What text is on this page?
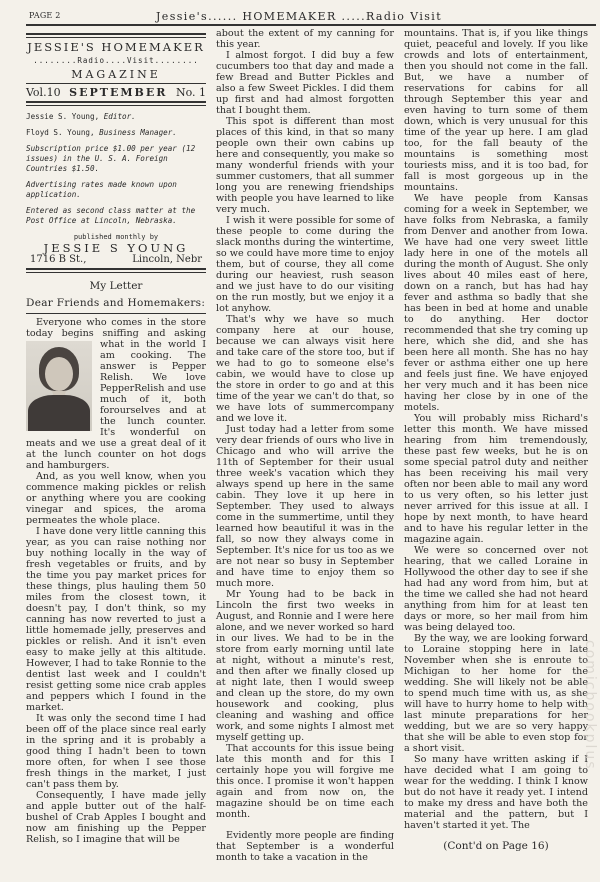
PAGE 2	Jessie's...... HOMEMAKER .....Radio Visit
JESSIE'S HOMEMAKER
........Radio....Visit........
MAGAZINE
Vol.10 SEPTEMBER No. 1

Jessie S. Young, Editor.

Floyd S. Young, Business Manager.

Subscription price $1.00 per year (12 issues) in the U. S. A. Foreign Countries $1.50.

Advertising rates made known upon application.

Entered as second class matter at the Post Office at Lincoln, Nebraska.

published monthly by
JESSIE S YOUNG
1716 B St.,	Lincoln, Nebr
My Letter
Dear Friends and Homemakers:

Everyone who comes in the store today begins sniffing and asking
what in the world I am cooking. The answer is Pepper Relish. We love PepperRelish and use much of it, both forourselves and at the lunch counter. It's wonderful on meats and we use a great deal of it at the lunch counter on hot dogs and hamburgers.

And, as you well know, when you commence making pickles or relish or anything where you are cooking vinegar and spices, the aroma permeates the whole place.

I have done very little canning this year, as you can raise nothing nor buy nothing locally in the way of fresh vegetables or fruits, and by the time you pay market prices for these things, plus hauling them 50 miles from the closest town, it doesn't pay, I don't think, so my canning has now reverted to just a little homemade jelly, preserves and pickles or relish. And it isn't even easy to make jelly at this altitude. However, I had to take Ronnie to the dentist last week and I couldn't resist getting some nice crab apples and peppers which I found in the market.

It was only the second time I had been off of the place since real early in the spring and it is probably a good thing I hadn't been to town more often, for when I see those fresh things in the market, I just can't pass them by.

Consequently, I have made jelly and apple butter out of the half-bushel of Crab Apples I bought and now am finishing up the Pepper Relish, so I imagine that will be

about the extent of my canning for this year.

I almost forgot. I did buy a few cucumbers too that day and made a few Bread and Butter Pickles and also a few Sweet Pickles. I did them up first and had almost forgotten that I bought them.

This spot is different than most places of this kind, in that so many people own their own cabins up here and consequently, you make so many wonderful friends with your summer customers, that all summer long you are renewing friendships with people you have learned to like very much.

I wish it were possible for some of these people to come during the slack months during the wintertime, so we could have more time to enjoy them, but of course, they all come during our heaviest, rush season and we just have to do our visiting on the run mostly, but we enjoy it a lot anyhow.

That's why we have so much company here at our house, because we can always visit here and take care of the store too, but if we had to go to someone else's cabin, we would have to close up the store in order to go and at this time of the year we can't do that, so we have lots of summercompany and we love it.

Just today had a letter from some very dear friends of ours who live in Chicago and who will arrive the 11th of September for their usual three week's vacation which they always spend up here in the same cabin. They love it up here in September. They used to always come in the summertime, until they learned how beautiful it was in the fall, so now they always come in September. It's nice for us too as we are not near so busy in September and have time to enjoy them so much more.

Mr Young had to be back in Lincoln the first two weeks in August, and Ronnie and I were here alone, and we never worked so hard in our lives. We had to be in the store from early morning until late at night, without a minute's rest, and then after we finally closed up at night late, then I would sweep and clean up the store, do my own housework and cooking, plus cleaning and washing and office work, and some nights I almost met myself getting up.

That accounts for this issue being late this month and for this I certainly hope you will forgive me this once. I promise it won't happen again and from now on, the magazine should be on time each month.

Evidently more people are finding that September is a wonderful month to take a vacation in the

mountains. That is, if you like things quiet, peaceful and lovely. If you like crowds and lots of entertainment, then you should not come in the fall. But, we have a number of reservations for cabins for all through September this year and even having to turn some of them down, which is very unusual for this time of the year up here. I am glad too, for the fall beauty of the mountains is something most touriests miss, and it is too bad, for fall is most gorgeous up in the mountains.

We have people from Kansas coming for a week in September, we have folks from Nebraska, a family from Denver and another from Iowa. We have had one very sweet little lady here in one of the motels all during the month of August. She only lives about 40 miles east of here, down on a ranch, but has had hay fever and asthma so badly that she has been in bed at home and unable to do anything. Her doctor recommended that she try coming up here, which she did, and she has been here all month. She has no hay fever or asthma either one up here and feels just fine. We have enjoyed her very much and it has been nice having her close by in one of the motels.

You will probably miss Richard's letter this month. We have missed hearing from him tremendously, these past few weeks, but he is on some special patrol duty and neither has been receiving his mail very often nor been able to mail any word to us very often, so his letter just never arrived for this issue at all. I hope by next month, to have heard and to have his regular letter in the magazine again.

We were so concerned over not hearing, that we called Loraine in Hollywood the other day to see if she had had any word from him, but at the time we called she had not heard anything from him for at least ten days or more, so her mail from him was being delayed too.

By the way, we are looking forward to Loraine stopping here in late November when she is enroute to Michigan to her home for the wedding. She will likely not be able to spend much time with us, as she will have to hurry home to help with last minute preparations for her wedding, but we are so very happy that she will be able to even stop for a short visit.

So many have written asking if I have decided what I am going to wear for the wedding. I think I know but do not have it ready yet. I intend to make my dress and have both the material and the pattern, but I haven't started it yet. The

(Cont'd on Page 16)
comicbookplus
